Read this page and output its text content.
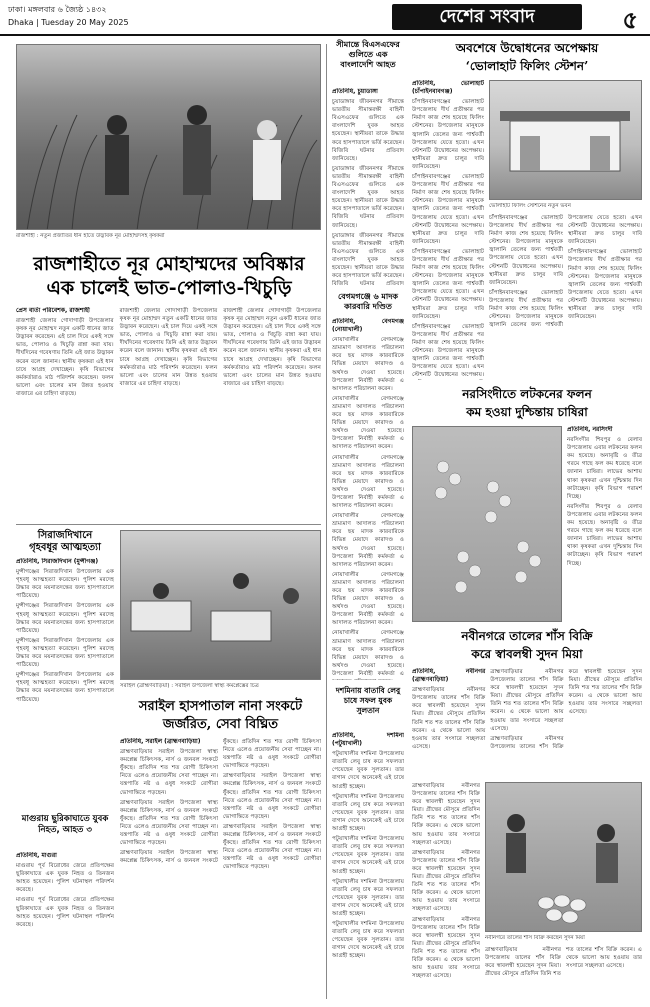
ঢাকা। মঙ্গলবার ৬ জ্যৈষ্ঠ ১৪৩২
Dhaka | Tuesday 20 May 2025	দেশের সংবাদ	৫
রাজশাহী : নতুন প্রজাতির ধান হাতে উদ্ভাবক নূর মোহাম্মদসহ কৃষকরা
রাজশাহীতে নূর মোহাম্মদের অবিষ্কার
এক চালেই ভাত-পোলাও-খিচুড়ি
প্রেস বার্তা পরিবেশক, রাজশাহী

রাজশাহী জেলার গোদাগাড়ী উপজেলার কৃষক নূর মোহাম্মদ নতুন একটি ধানের জাত উদ্ভাবন করেছেন। এই চাল দিয়ে একই সঙ্গে ভাত, পোলাও ও খিচুড়ি রান্না করা যায়। দীর্ঘদিনের গবেষণায় তিনি এই জাত উদ্ভাবন করেন বলে জানান। স্থানীয় কৃষকরা এই ধান চাষে আগ্রহ দেখাচ্ছেন। কৃষি বিভাগের কর্মকর্তারাও মাঠ পরিদর্শন করেছেন। ফলন ভালো এবং চালের মান উন্নত হওয়ায় বাজারে এর চাহিদা বাড়ছে।

রাজশাহী জেলার গোদাগাড়ী উপজেলার কৃষক নূর মোহাম্মদ নতুন একটি ধানের জাত উদ্ভাবন করেছেন। এই চাল দিয়ে একই সঙ্গে ভাত, পোলাও ও খিচুড়ি রান্না করা যায়। দীর্ঘদিনের গবেষণায় তিনি এই জাত উদ্ভাবন করেন বলে জানান। স্থানীয় কৃষকরা এই ধান চাষে আগ্রহ দেখাচ্ছেন। কৃষি বিভাগের কর্মকর্তারাও মাঠ পরিদর্শন করেছেন। ফলন ভালো এবং চালের মান উন্নত হওয়ায় বাজারে এর চাহিদা বাড়ছে।

রাজশাহী জেলার গোদাগাড়ী উপজেলার কৃষক নূর মোহাম্মদ নতুন একটি ধানের জাত উদ্ভাবন করেছেন। এই চাল দিয়ে একই সঙ্গে ভাত, পোলাও ও খিচুড়ি রান্না করা যায়। দীর্ঘদিনের গবেষণায় তিনি এই জাত উদ্ভাবন করেন বলে জানান। স্থানীয় কৃষকরা এই ধান চাষে আগ্রহ দেখাচ্ছেন। কৃষি বিভাগের কর্মকর্তারাও মাঠ পরিদর্শন করেছেন। ফলন ভালো এবং চালের মান উন্নত হওয়ায় বাজারে এর চাহিদা বাড়ছে।

সিরাজদিখানে
গৃহবধূর আত্মহত্যা
প্রতিনিধি, সিরাজদিখান (মুন্সীগঞ্জ)

মুন্সীগঞ্জের সিরাজদিখান উপজেলায় এক গৃহবধূ আত্মহত্যা করেছেন। পুলিশ মরদেহ উদ্ধার করে ময়নাতদন্তের জন্য হাসপাতালে পাঠিয়েছে।

মুন্সীগঞ্জের সিরাজদিখান উপজেলায় এক গৃহবধূ আত্মহত্যা করেছেন। পুলিশ মরদেহ উদ্ধার করে ময়নাতদন্তের জন্য হাসপাতালে পাঠিয়েছে।

মুন্সীগঞ্জের সিরাজদিখান উপজেলায় এক গৃহবধূ আত্মহত্যা করেছেন। পুলিশ মরদেহ উদ্ধার করে ময়নাতদন্তের জন্য হাসপাতালে পাঠিয়েছে।

মুন্সীগঞ্জের সিরাজদিখান উপজেলায় এক গৃহবধূ আত্মহত্যা করেছেন। পুলিশ মরদেহ উদ্ধার করে ময়নাতদন্তের জন্য হাসপাতালে পাঠিয়েছে।

সরাইল (ব্রাহ্মণবাড়িয়া) : সরাইল উপজেলা স্বাস্থ্য কমপ্লেক্সের চিত্র
সরাইল হাসপাতাল নানা সংকটে
জর্জরিত, সেবা বিঘ্নিত
প্রতিনিধি, সরাইল (ব্রাহ্মণবাড়িয়া)

ব্রাহ্মণবাড়িয়ার সরাইল উপজেলা স্বাস্থ্য কমপ্লেক্স চিকিৎসক, নার্স ও জনবল সংকটে ধুঁকছে। প্রতিদিন শত শত রোগী চিকিৎসা নিতে এলেও প্রয়োজনীয় সেবা পাচ্ছেন না। যন্ত্রপাতি নষ্ট ও ওষুধ সংকটে রোগীরা ভোগান্তিতে পড়ছেন।

ব্রাহ্মণবাড়িয়ার সরাইল উপজেলা স্বাস্থ্য কমপ্লেক্স চিকিৎসক, নার্স ও জনবল সংকটে ধুঁকছে। প্রতিদিন শত শত রোগী চিকিৎসা নিতে এলেও প্রয়োজনীয় সেবা পাচ্ছেন না। যন্ত্রপাতি নষ্ট ও ওষুধ সংকটে রোগীরা ভোগান্তিতে পড়ছেন।

ব্রাহ্মণবাড়িয়ার সরাইল উপজেলা স্বাস্থ্য কমপ্লেক্স চিকিৎসক, নার্স ও জনবল সংকটে ধুঁকছে। প্রতিদিন শত শত রোগী চিকিৎসা নিতে এলেও প্রয়োজনীয় সেবা পাচ্ছেন না। যন্ত্রপাতি নষ্ট ও ওষুধ সংকটে রোগীরা ভোগান্তিতে পড়ছেন।

ব্রাহ্মণবাড়িয়ার সরাইল উপজেলা স্বাস্থ্য কমপ্লেক্স চিকিৎসক, নার্স ও জনবল সংকটে ধুঁকছে। প্রতিদিন শত শত রোগী চিকিৎসা নিতে এলেও প্রয়োজনীয় সেবা পাচ্ছেন না। যন্ত্রপাতি নষ্ট ও ওষুধ সংকটে রোগীরা ভোগান্তিতে পড়ছেন।

ব্রাহ্মণবাড়িয়ার সরাইল উপজেলা স্বাস্থ্য কমপ্লেক্স চিকিৎসক, নার্স ও জনবল সংকটে ধুঁকছে। প্রতিদিন শত শত রোগী চিকিৎসা নিতে এলেও প্রয়োজনীয় সেবা পাচ্ছেন না। যন্ত্রপাতি নষ্ট ও ওষুধ সংকটে রোগীরা ভোগান্তিতে পড়ছেন।

মাগুরায় ছুরিকাঘাতে যুবক নিহত, আহত ৩
প্রতিনিধি, মাগুরা

মাগুরায় পূর্ব বিরোধের জেরে প্রতিপক্ষের ছুরিকাঘাতে এক যুবক নিহত ও তিনজন আহত হয়েছেন। পুলিশ ঘটনাস্থল পরিদর্শন করেছে।

মাগুরায় পূর্ব বিরোধের জেরে প্রতিপক্ষের ছুরিকাঘাতে এক যুবক নিহত ও তিনজন আহত হয়েছেন। পুলিশ ঘটনাস্থল পরিদর্শন করেছে।

সীমান্তে বিএসএফের গুলিতে এক বাংলাদেশি আহত
প্রতিনিধি, চুয়াডাঙ্গা

চুয়াডাঙ্গার জীবননগর সীমান্তে ভারতীয় সীমান্তরক্ষী বাহিনী বিএসএফের গুলিতে এক বাংলাদেশি যুবক আহত হয়েছেন। স্থানীয়রা তাকে উদ্ধার করে হাসপাতালে ভর্তি করেছেন। বিজিবি ঘটনার প্রতিবাদ জানিয়েছে।

চুয়াডাঙ্গার জীবননগর সীমান্তে ভারতীয় সীমান্তরক্ষী বাহিনী বিএসএফের গুলিতে এক বাংলাদেশি যুবক আহত হয়েছেন। স্থানীয়রা তাকে উদ্ধার করে হাসপাতালে ভর্তি করেছেন। বিজিবি ঘটনার প্রতিবাদ জানিয়েছে।

চুয়াডাঙ্গার জীবননগর সীমান্তে ভারতীয় সীমান্তরক্ষী বাহিনী বিএসএফের গুলিতে এক বাংলাদেশি যুবক আহত হয়েছেন। স্থানীয়রা তাকে উদ্ধার করে হাসপাতালে ভর্তি করেছেন। বিজিবি ঘটনার প্রতিবাদ

বেগমগঞ্জে ৬ মাদক কারবারি দণ্ডিত
প্রতিনিধি, বেগমগঞ্জ (নোয়াখালী)

নোয়াখালীর বেগমগঞ্জে ভ্রাম্যমাণ আদালত পরিচালনা করে ছয় মাদক কারবারিকে বিভিন্ন মেয়াদে কারাদণ্ড ও অর্থদণ্ড দেওয়া হয়েছে। উপজেলা নির্বাহী কর্মকর্তা এ আদালত পরিচালনা করেন।

নোয়াখালীর বেগমগঞ্জে ভ্রাম্যমাণ আদালত পরিচালনা করে ছয় মাদক কারবারিকে বিভিন্ন মেয়াদে কারাদণ্ড ও অর্থদণ্ড দেওয়া হয়েছে। উপজেলা নির্বাহী কর্মকর্তা এ আদালত পরিচালনা করেন।

নোয়াখালীর বেগমগঞ্জে ভ্রাম্যমাণ আদালত পরিচালনা করে ছয় মাদক কারবারিকে বিভিন্ন মেয়াদে কারাদণ্ড ও অর্থদণ্ড দেওয়া হয়েছে। উপজেলা নির্বাহী কর্মকর্তা এ আদালত পরিচালনা করেন।

নোয়াখালীর বেগমগঞ্জে ভ্রাম্যমাণ আদালত পরিচালনা করে ছয় মাদক কারবারিকে বিভিন্ন মেয়াদে কারাদণ্ড ও অর্থদণ্ড দেওয়া হয়েছে। উপজেলা নির্বাহী কর্মকর্তা এ আদালত পরিচালনা করেন।

নোয়াখালীর বেগমগঞ্জে ভ্রাম্যমাণ আদালত পরিচালনা করে ছয় মাদক কারবারিকে বিভিন্ন মেয়াদে কারাদণ্ড ও অর্থদণ্ড দেওয়া হয়েছে। উপজেলা নির্বাহী কর্মকর্তা এ আদালত পরিচালনা করেন।

নোয়াখালীর বেগমগঞ্জে ভ্রাম্যমাণ আদালত পরিচালনা করে ছয় মাদক কারবারিকে বিভিন্ন মেয়াদে কারাদণ্ড ও অর্থদণ্ড দেওয়া হয়েছে। উপজেলা নির্বাহী কর্মকর্তা এ

অবশেষে উদ্বোধনের অপেক্ষায়
‘ভোলাহাট ফিলিং স্টেশন’
প্রতিনিধি, ভোলাহাট (চাঁপাইনবাবগঞ্জ)

চাঁপাইনবাবগঞ্জের ভোলাহাট উপজেলায় দীর্ঘ প্রতীক্ষার পর নির্মাণ কাজ শেষ হয়েছে ফিলিং স্টেশনের। উপজেলার মানুষকে জ্বালানি তেলের জন্য পার্শ্ববর্তী উপজেলায় যেতে হতো। এখন স্টেশনটি উদ্বোধনের অপেক্ষায়। স্থানীয়রা দ্রুত চালুর দাবি জানিয়েছেন।

চাঁপাইনবাবগঞ্জের ভোলাহাট উপজেলায় দীর্ঘ প্রতীক্ষার পর নির্মাণ কাজ শেষ হয়েছে ফিলিং স্টেশনের। উপজেলার মানুষকে জ্বালানি তেলের জন্য পার্শ্ববর্তী উপজেলায় যেতে হতো। এখন স্টেশনটি উদ্বোধনের অপেক্ষায়। স্থানীয়রা দ্রুত চালুর দাবি জানিয়েছেন।

চাঁপাইনবাবগঞ্জের ভোলাহাট উপজেলায় দীর্ঘ প্রতীক্ষার পর নির্মাণ কাজ শেষ হয়েছে ফিলিং স্টেশনের। উপজেলার মানুষকে জ্বালানি তেলের জন্য পার্শ্ববর্তী উপজেলায় যেতে হতো। এখন স্টেশনটি উদ্বোধনের অপেক্ষায়। স্থানীয়রা দ্রুত চালুর দাবি জানিয়েছেন।

চাঁপাইনবাবগঞ্জের ভোলাহাট উপজেলায় দীর্ঘ প্রতীক্ষার পর নির্মাণ কাজ শেষ হয়েছে ফিলিং স্টেশনের। উপজেলার মানুষকে জ্বালানি তেলের জন্য পার্শ্ববর্তী উপজেলায় যেতে হতো। এখন স্টেশনটি উদ্বোধনের অপেক্ষায়।

ভোলাহাট ফিলিং স্টেশনের নতুন ভবন

চাঁপাইনবাবগঞ্জের ভোলাহাট উপজেলায় দীর্ঘ প্রতীক্ষার পর নির্মাণ কাজ শেষ হয়েছে ফিলিং স্টেশনের। উপজেলার মানুষকে জ্বালানি তেলের জন্য পার্শ্ববর্তী উপজেলায় যেতে হতো। এখন স্টেশনটি উদ্বোধনের অপেক্ষায়। স্থানীয়রা দ্রুত চালুর দাবি জানিয়েছেন।

চাঁপাইনবাবগঞ্জের ভোলাহাট উপজেলায় দীর্ঘ প্রতীক্ষার পর নির্মাণ কাজ শেষ হয়েছে ফিলিং স্টেশনের। উপজেলার মানুষকে জ্বালানি তেলের জন্য পার্শ্ববর্তী উপজেলায় যেতে হতো। এখন স্টেশনটি উদ্বোধনের অপেক্ষায়। স্থানীয়রা দ্রুত চালুর দাবি জানিয়েছেন।

চাঁপাইনবাবগঞ্জের ভোলাহাট উপজেলায় দীর্ঘ প্রতীক্ষার পর নির্মাণ কাজ শেষ হয়েছে ফিলিং স্টেশনের। উপজেলার মানুষকে জ্বালানি তেলের জন্য পার্শ্ববর্তী উপজেলায় যেতে হতো। এখন স্টেশনটি উদ্বোধনের অপেক্ষায়। স্থানীয়রা দ্রুত চালুর দাবি জানিয়েছেন।

নরসিংদীতে লটকনের ফলন
কম হওয়া দুশ্চিন্তায় চাষিরা
প্রতিনিধি, নরসিংদী

নরসিংদীর শিবপুর ও বেলাব উপজেলায় এবার লটকনের ফলন কম হয়েছে। অনাবৃষ্টি ও তীব্র গরমে গাছে ফল কম ধরেছে বলে জানান চাষিরা। লাভের আশায় থাকা কৃষকরা এখন দুশ্চিন্তায় দিন কাটাচ্ছেন। কৃষি বিভাগ পরামর্শ দিচ্ছে।

নরসিংদীর শিবপুর ও বেলাব উপজেলায় এবার লটকনের ফলন কম হয়েছে। অনাবৃষ্টি ও তীব্র গরমে গাছে ফল কম ধরেছে বলে জানান চাষিরা। লাভের আশায় থাকা কৃষকরা এখন দুশ্চিন্তায় দিন কাটাচ্ছেন। কৃষি বিভাগ পরামর্শ দিচ্ছে।

দশমিনায় বাতাবি লেবু চাষে সফল যুবক সুলতান
প্রতিনিধি, দশমিনা (পটুয়াখালী)

পটুয়াখালীর দশমিনা উপজেলায় বাতাবি লেবু চাষ করে সফলতা পেয়েছেন যুবক সুলতান। তার বাগান দেখে অনেকেই এই চাষে আগ্রহী হচ্ছেন।

পটুয়াখালীর দশমিনা উপজেলায় বাতাবি লেবু চাষ করে সফলতা পেয়েছেন যুবক সুলতান। তার বাগান দেখে অনেকেই এই চাষে আগ্রহী হচ্ছেন।

পটুয়াখালীর দশমিনা উপজেলায় বাতাবি লেবু চাষ করে সফলতা পেয়েছেন যুবক সুলতান। তার বাগান দেখে অনেকেই এই চাষে আগ্রহী হচ্ছেন।

পটুয়াখালীর দশমিনা উপজেলায় বাতাবি লেবু চাষ করে সফলতা পেয়েছেন যুবক সুলতান। তার বাগান দেখে অনেকেই এই চাষে আগ্রহী হচ্ছেন।

পটুয়াখালীর দশমিনা উপজেলায় বাতাবি লেবু চাষ করে সফলতা পেয়েছেন যুবক সুলতান। তার বাগান দেখে অনেকেই এই চাষে আগ্রহী হচ্ছেন।

নবীনগরে তালের শাঁস বিক্রি
করে স্বাবলম্বী সুদন মিয়া
প্রতিনিধি, নবীনগর (ব্রাহ্মণবাড়িয়া)

ব্রাহ্মণবাড়িয়ার নবীনগর উপজেলায় তালের শাঁস বিক্রি করে স্বাবলম্বী হয়েছেন সুদন মিয়া। গ্রীষ্মের মৌসুমে প্রতিদিন তিনি শত শত তালের শাঁস বিক্রি করেন। এ থেকে ভালো আয় হওয়ায় তার সংসারে সচ্ছলতা এসেছে।

ব্রাহ্মণবাড়িয়ার নবীনগর উপজেলায় তালের শাঁস বিক্রি করে স্বাবলম্বী হয়েছেন সুদন মিয়া। গ্রীষ্মের মৌসুমে প্রতিদিন তিনি শত শত তালের শাঁস বিক্রি করেন। এ থেকে ভালো আয় হওয়ায় তার সংসারে সচ্ছলতা এসেছে।

ব্রাহ্মণবাড়িয়ার নবীনগর উপজেলায় তালের শাঁস বিক্রি করে স্বাবলম্বী হয়েছেন সুদন মিয়া। গ্রীষ্মের মৌসুমে প্রতিদিন তিনি শত শত তালের শাঁস বিক্রি করেন। এ থেকে ভালো আয় হওয়ায় তার সংসারে সচ্ছলতা এসেছে।

নবীনগরে তালের শাঁস বিক্রি করছেন সুদন মিয়া

ব্রাহ্মণবাড়িয়ার নবীনগর উপজেলায় তালের শাঁস বিক্রি করে স্বাবলম্বী হয়েছেন সুদন মিয়া। গ্রীষ্মের মৌসুমে প্রতিদিন তিনি শত শত তালের শাঁস বিক্রি করেন। এ থেকে ভালো আয় হওয়ায় তার সংসারে সচ্ছলতা এসেছে।

ব্রাহ্মণবাড়িয়ার নবীনগর উপজেলায় তালের শাঁস বিক্রি করে স্বাবলম্বী হয়েছেন সুদন মিয়া। গ্রীষ্মের মৌসুমে প্রতিদিন তিনি শত শত তালের শাঁস বিক্রি করেন। এ থেকে ভালো আয় হওয়ায় তার সংসারে সচ্ছলতা এসেছে।

ব্রাহ্মণবাড়িয়ার নবীনগর উপজেলায় তালের শাঁস বিক্রি করে স্বাবলম্বী হয়েছেন সুদন মিয়া। গ্রীষ্মের মৌসুমে প্রতিদিন তিনি শত শত তালের শাঁস বিক্রি করেন। এ থেকে ভালো আয় হওয়ায় তার সংসারে সচ্ছলতা এসেছে।

ব্রাহ্মণবাড়িয়ার নবীনগর উপজেলায় তালের শাঁস বিক্রি করে স্বাবলম্বী হয়েছেন সুদন মিয়া। গ্রীষ্মের মৌসুমে প্রতিদিন তিনি শত শত তালের শাঁস বিক্রি করেন। এ থেকে ভালো আয় হওয়ায় তার সংসারে সচ্ছলতা এসেছে।
